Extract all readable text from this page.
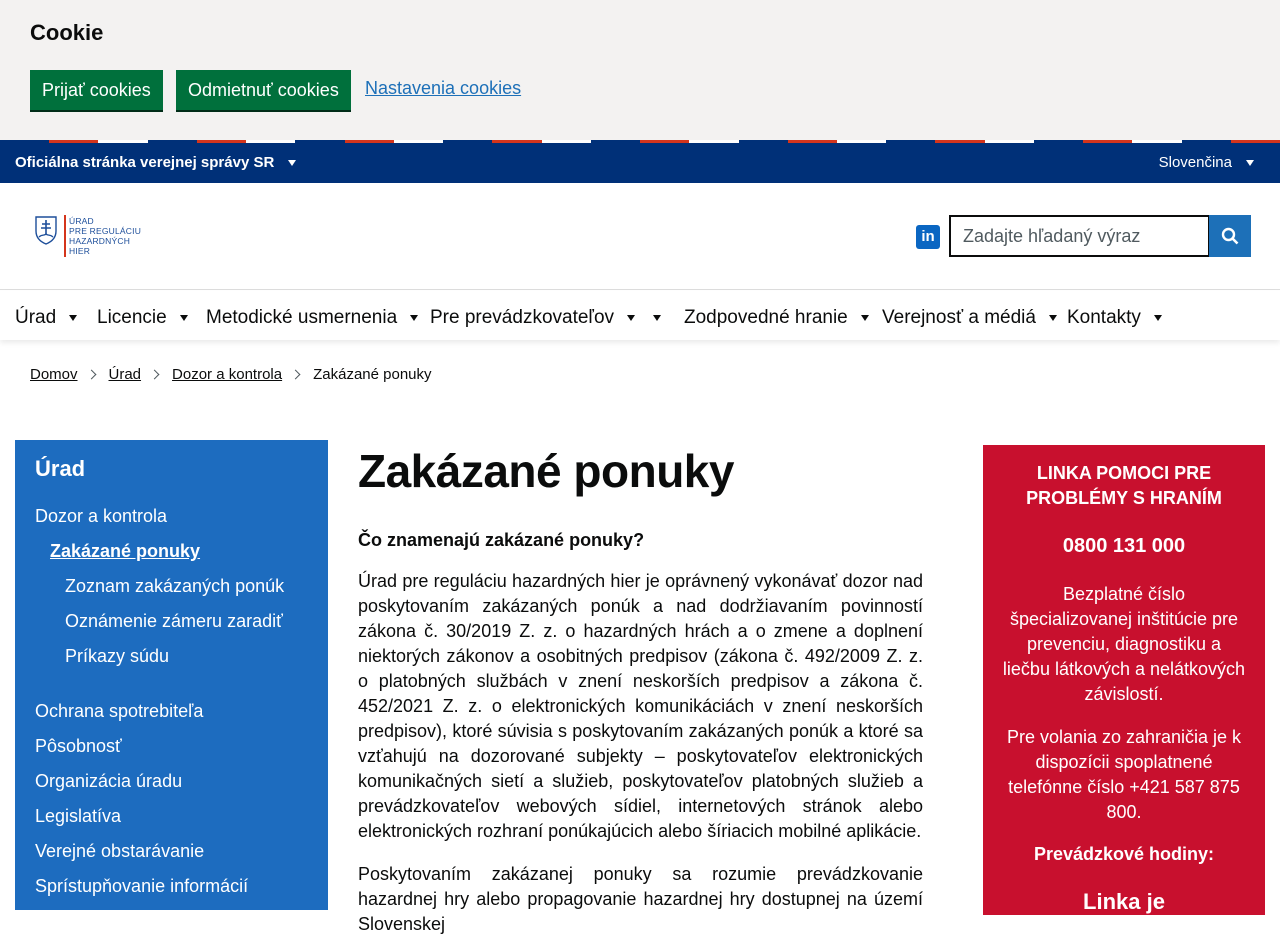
Cookie
Prijať cookies	Odmietnuť cookies	Nastavenia cookies
Oficiálna stránka verejnej správy SR	Slovenčina
ÚRAD
PRE REGULÁCIU
HAZARDNÝCH
HIER
in
Zadajte hľadaný výraz
Úrad	Licencie	Metodické usmernenia	Pre prevádzkovateľov	Zodpovedné hranie	Verejnosť a médiá	Kontakty
Domov Úrad Dozor a kontrola Zakázané ponuky
Úrad
Dozor a kontrola
Zakázané ponuky
Zoznam zakázaných ponúk
Oznámenie zámeru zaradiť
Príkazy súdu
Ochrana spotrebiteľa
Pôsobnosť
Organizácia úradu
Legislatíva
Verejné obstarávanie
Sprístupňovanie informácií
Zakázané ponuky
Čo znamenajú zakázané ponuky?

Úrad pre reguláciu hazardných hier je oprávnený vykonávať dozor nad poskytovaním zakázaných ponúk a nad dodržiavaním povinností zákona č. 30/2019 Z. z. o hazardných hrách a o zmene a doplnení niektorých zákonov a osobitných predpisov (zákona č. 492/2009 Z. z. o platobných službách v znení neskorších predpisov a zákona č. 452/2021 Z. z. o elektronických komunikáciách v znení neskorších predpisov), ktoré súvisia s poskytovaním zakázaných ponúk a ktoré sa vzťahujú na dozorované subjekty – poskytovateľov elektronických komunikačných sietí a služieb, poskytovateľov platobných služieb a prevádzkovateľov webových sídiel, internetových stránok alebo elektronických rozhraní ponúkajúcich alebo šíriacich mobilné aplikácie.

Poskytovaním zakázanej ponuky sa rozumie prevádzkovanie hazardnej hry alebo propagovanie hazardnej hry dostupnej na území Slovenskej

LINKA POMOCI PRE PROBLÉMY S HRANÍM
0800 131 000
Bezplatné číslo špecializovanej inštitúcie pre prevenciu, diagnostiku a liečbu látkových a nelátkových závislostí.
Pre volania zo zahraničia je k dispozícii spoplatnené telefónne číslo +421 587 875 800.
Prevádzkové hodiny:
Linka je prevádzkovaná
